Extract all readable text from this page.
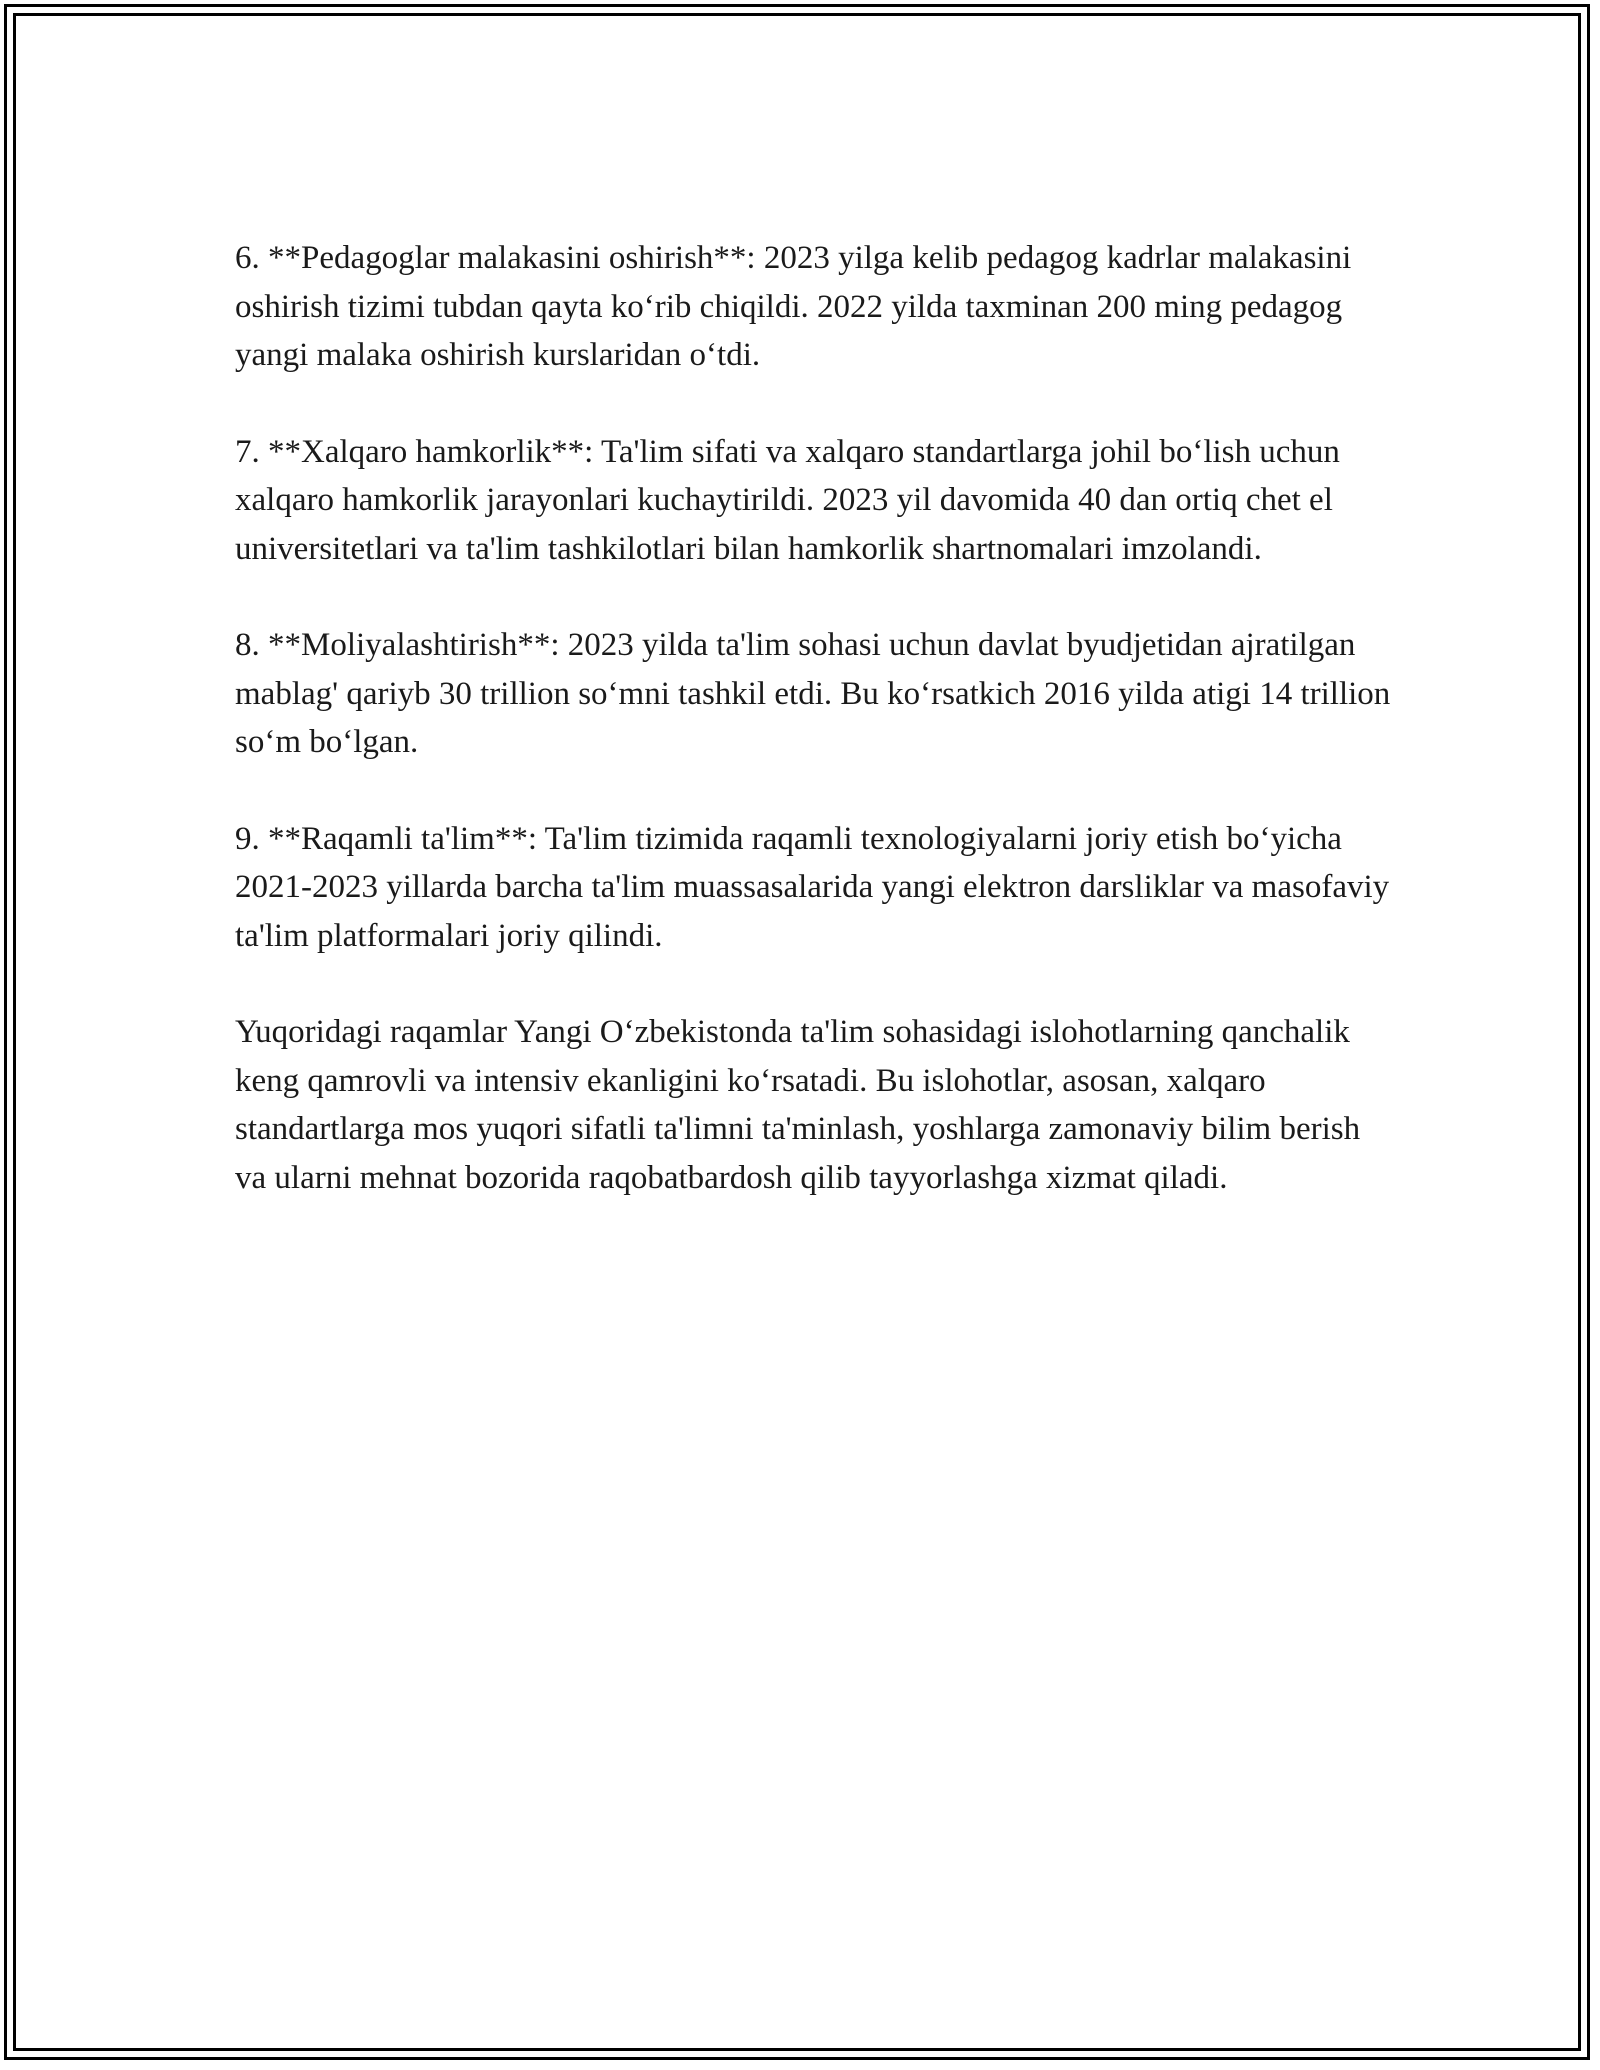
6. **Pedagoglar malakasini oshirish**: 2023 yilga kelib pedagog kadrlar malakasini oshirish tizimi tubdan qayta ko‘rib chiqildi. 2022 yilda taxminan 200 ming pedagog yangi malaka oshirish kurslaridan o‘tdi.

7. **Xalqaro hamkorlik**: Ta'lim sifati va xalqaro standartlarga johil bo‘lish uchun xalqaro hamkorlik jarayonlari kuchaytirildi. 2023 yil davomida 40 dan ortiq chet el universitetlari va ta'lim tashkilotlari bilan hamkorlik shartnomalari imzolandi.

8. **Moliyalashtirish**: 2023 yilda ta'lim sohasi uchun davlat byudjetidan ajratilgan mablag' qariyb 30 trillion so‘mni tashkil etdi. Bu ko‘rsatkich 2016 yilda atigi 14 trillion so‘m bo‘lgan.

9. **Raqamli ta'lim**: Ta'lim tizimida raqamli texnologiyalarni joriy etish bo‘yicha 2021-2023 yillarda barcha ta'lim muassasalarida yangi elektron darsliklar va masofaviy ta'lim platformalari joriy qilindi.

Yuqoridagi raqamlar Yangi O‘zbekistonda ta'lim sohasidagi islohotlarning qanchalik keng qamrovli va intensiv ekanligini ko‘rsatadi. Bu islohotlar, asosan, xalqaro standartlarga mos yuqori sifatli ta'limni ta'minlash, yoshlarga zamonaviy bilim berish va ularni mehnat bozorida raqobatbardosh qilib tayyorlashga xizmat qiladi.
